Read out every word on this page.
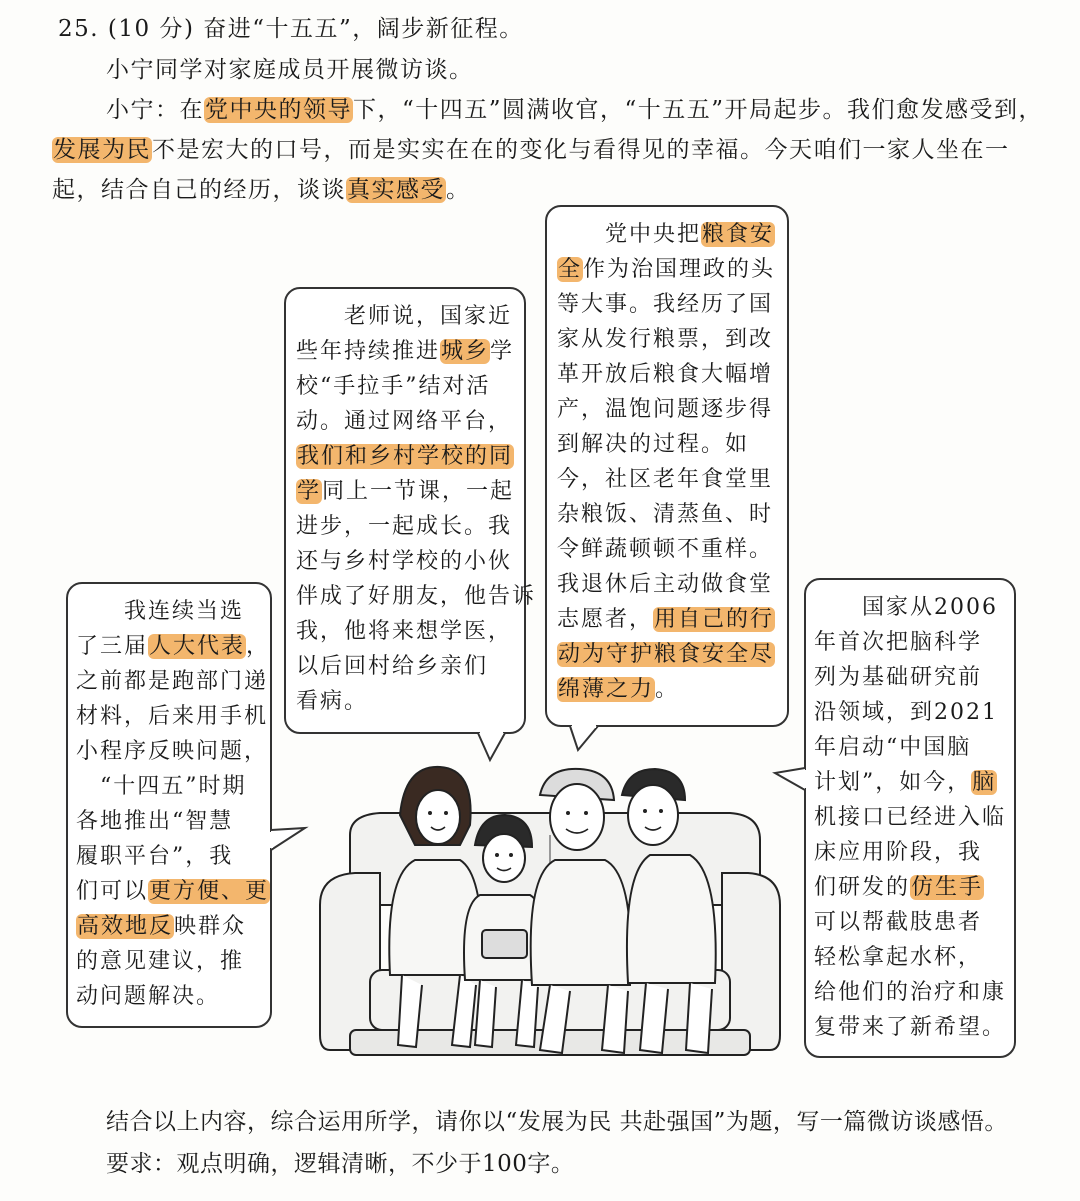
25. (10 分) 奋进“十五五”，阔步新征程。
小宁同学对家庭成员开展微访谈。
小宁：在党中央的领导下，“十四五”圆满收官，“十五五”开局起步。我们愈发感受到，
发展为民不是宏大的口号，而是实实在在的变化与看得见的幸福。今天咱们一家人坐在一
起，结合自己的经历，谈谈真实感受。
　　老师说，国家近
些年持续推进城乡学
校“手拉手”结对活
动。通过网络平台，
我们和乡村学校的同
学同上一节课，一起
进步，一起成长。我
还与乡村学校的小伙
伴成了好朋友，他告诉
我，他将来想学医，
以后回村给乡亲们
看病。
　　党中央把粮食安
全作为治国理政的头
等大事。我经历了国
家从发行粮票，到改
革开放后粮食大幅增
产，温饱问题逐步得
到解决的过程。如
今，社区老年食堂里
杂粮饭、清蒸鱼、时
令鲜蔬顿顿不重样。
我退休后主动做食堂
志愿者，用自己的行
动为守护粮食安全尽
绵薄之力。
　　我连续当选
了三届人大代表，
之前都是跑部门递
材料，后来用手机
小程序反映问题，
　“十四五”时期
各地推出“智慧
履职平台”，我
们可以更方便、更
高效地反映群众
的意见建议，推
动问题解决。
　　国家从2006
年首次把脑科学
列为基础研究前
沿领域，到2021
年启动“中国脑
计划”，如今，脑
机接口已经进入临
床应用阶段，我
们研发的仿生手
可以帮截肢患者
轻松拿起水杯，
给他们的治疗和康
复带来了新希望。
结合以上内容，综合运用所学，请你以“发展为民 共赴强国”为题，写一篇微访谈感悟。
要求：观点明确，逻辑清晰，不少于100字。
